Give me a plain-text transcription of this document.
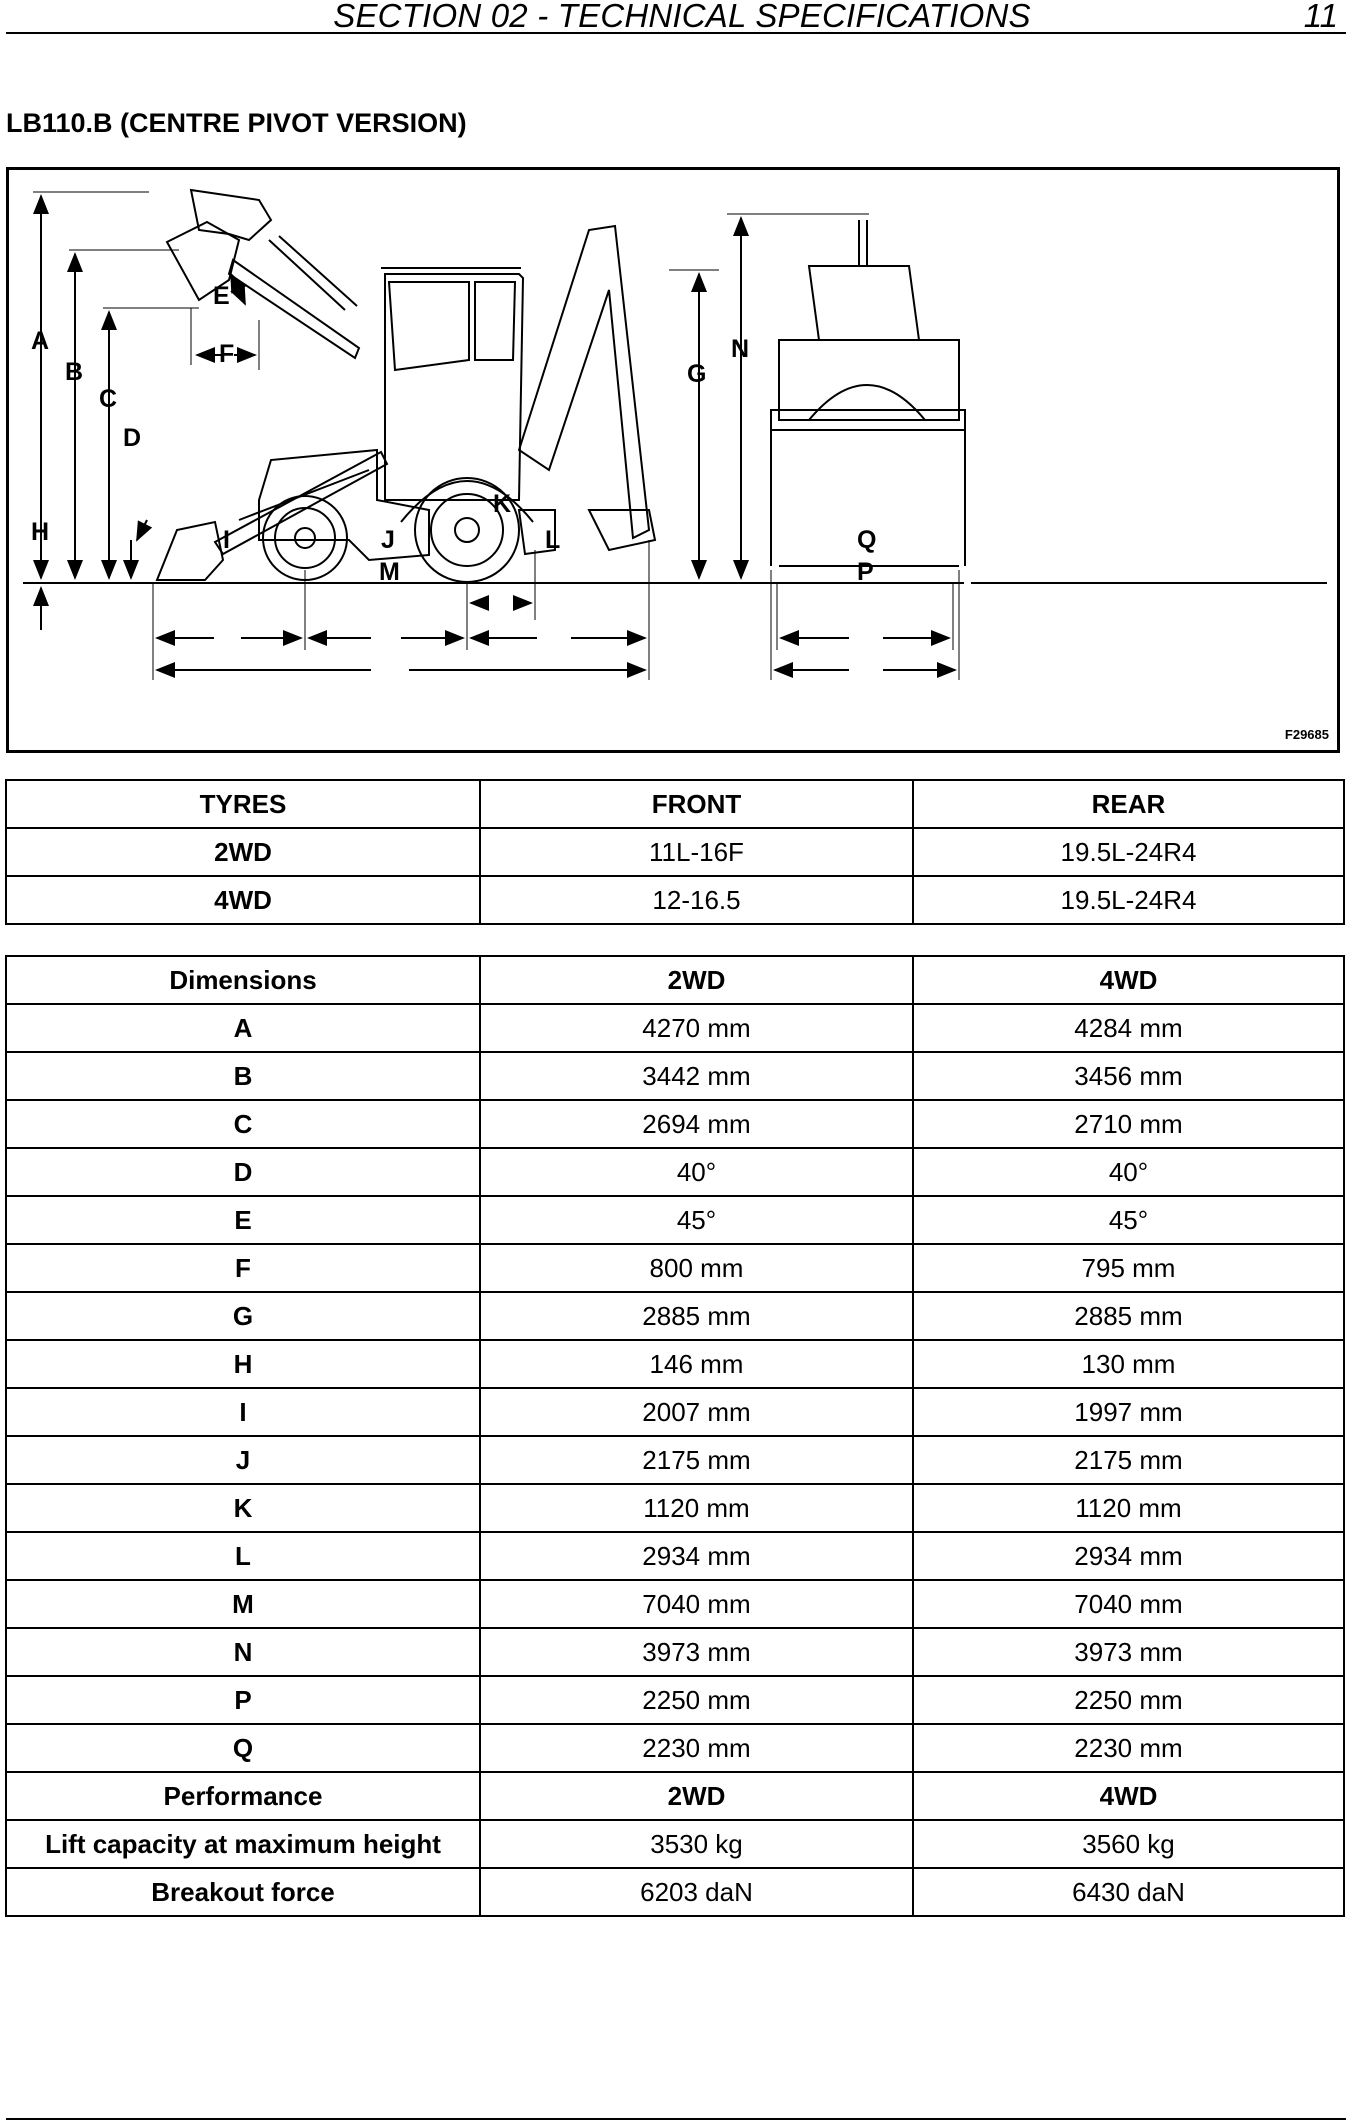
SECTION 02 - TECHNICAL SPECIFICATIONS	11
LB110.B (CENTRE PIVOT VERSION)
A
B
C
D
E
F
G
H	I	J
K
L
M
N
P
Q
F29685
TYRES	FRONT	REAR
2WD	11L-16F	19.5L-24R4
4WD	12-16.5	19.5L-24R4
Dimensions	2WD	4WD
A	4270 mm	4284 mm
B	3442 mm	3456 mm
C	2694 mm	2710 mm
D	40°	40°
E	45°	45°
F	800 mm	795 mm
G	2885 mm	2885 mm
H	146 mm	130 mm
I	2007 mm	1997 mm
J	2175 mm	2175 mm
K	1120 mm	1120 mm
L	2934 mm	2934 mm
M	7040 mm	7040 mm
N	3973 mm	3973 mm
P	2250 mm	2250 mm
Q	2230 mm	2230 mm
Performance	2WD	4WD
Lift capacity at maximum height	3530 kg	3560 kg
Breakout force	6203 daN	6430 daN
